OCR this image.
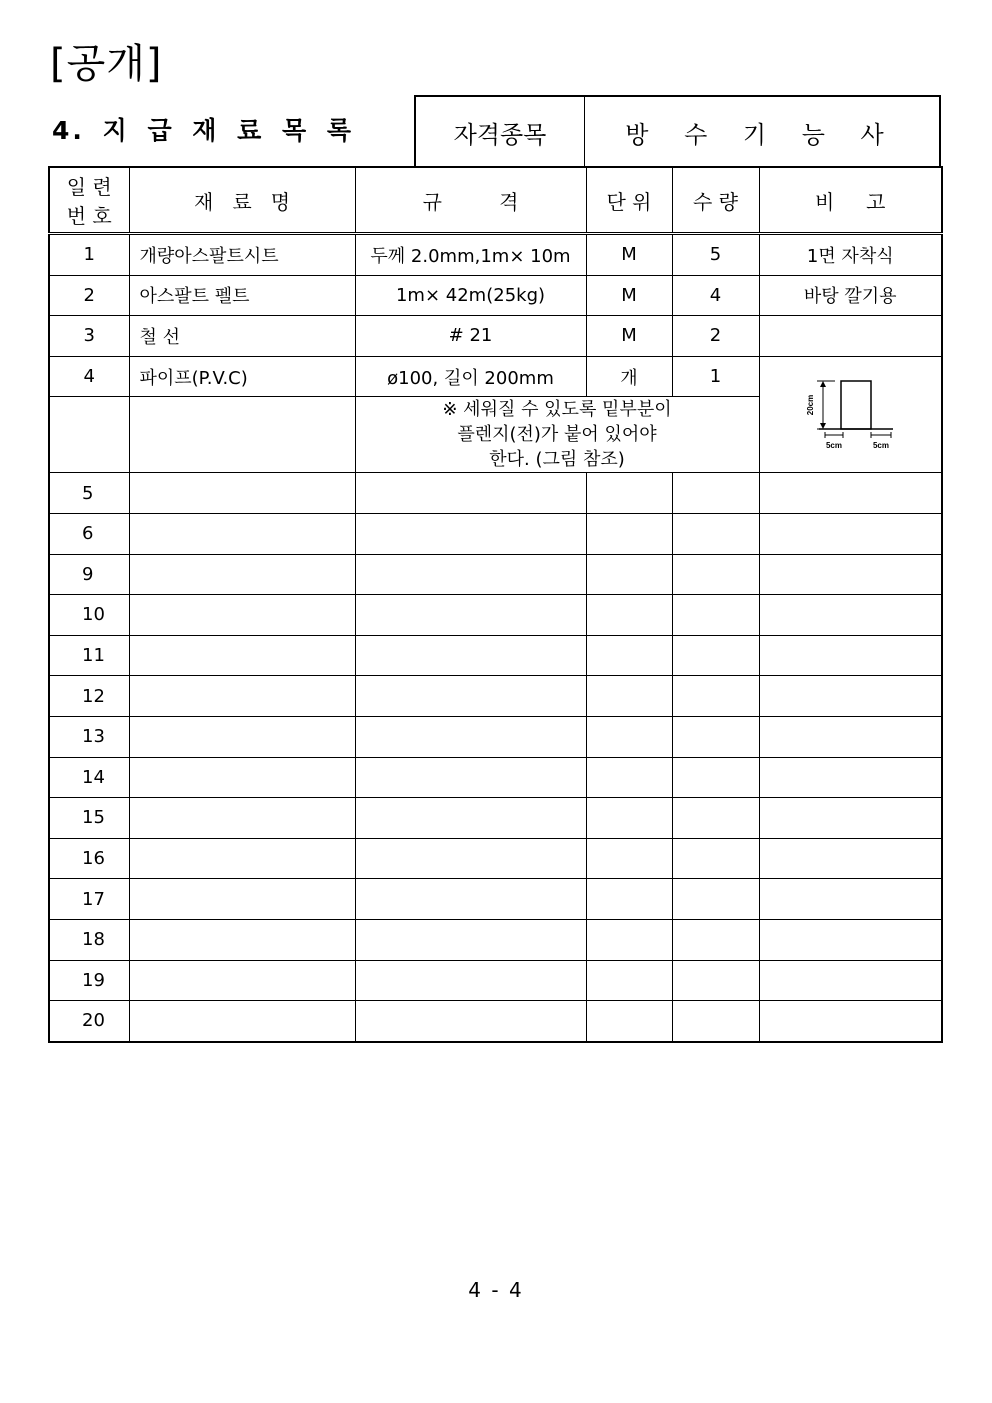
[공개]
4. 지 급 재 료 목 록	자격종목	방 수 기 능 사
일 련
번 호	재   료   명	규         격	단 위	수 량	비     고
1	개량아스팔트시트	두께 2.0mm,1m× 10m	M	5	1면 자착식
2	아스팔트 펠트	1m× 42m(25kg)	M	4	바탕 깔기용
3	철 선	# 21	M	2	
4	파이프(P.V.C)	ø100, 길이 200mm	개	1	20cm
5cm 5cm

		※ 세워질 수 있도록 밑부분이
플렌지(전)가 붙어 있어야
한다. (그림 참조)			

5					
6					
9					
10					
11					
12					
13					
14					
15					
16					
17					
18					
19					
20					
4 - 4
